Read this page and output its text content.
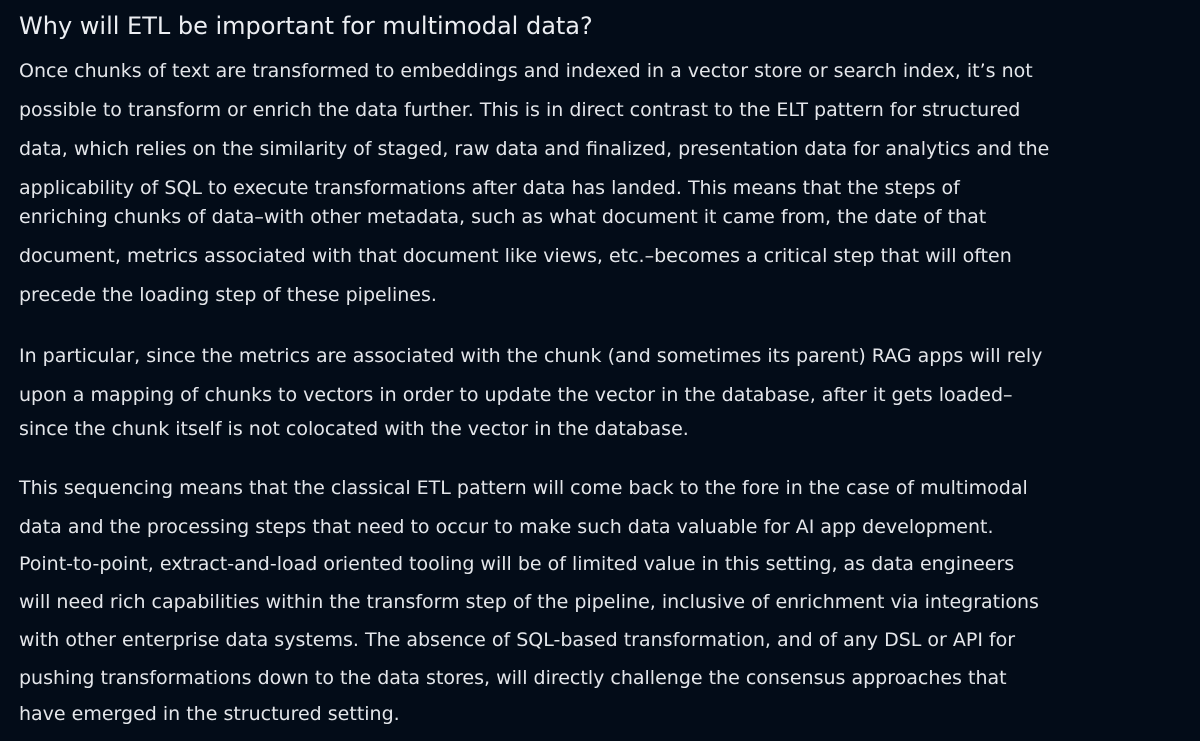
Why will ETL be important for multimodal data?

Once chunks of text are transformed to embeddings and indexed in a vector store or search index, it’s not

possible to transform or enrich the data further. This is in direct contrast to the ELT pattern for structured

data, which relies on the similarity of staged, raw data and finalized, presentation data for analytics and the

applicability of SQL to execute transformations after data has landed. This means that the steps of

enriching chunks of data–with other metadata, such as what document it came from, the date of that

document, metrics associated with that document like views, etc.–becomes a critical step that will often

precede the loading step of these pipelines.

In particular, since the metrics are associated with the chunk (and sometimes its parent) RAG apps will rely

upon a mapping of chunks to vectors in order to update the vector in the database, after it gets loaded–

since the chunk itself is not colocated with the vector in the database.

This sequencing means that the classical ETL pattern will come back to the fore in the case of multimodal

data and the processing steps that need to occur to make such data valuable for AI app development.

Point-to-point, extract-and-load oriented tooling will be of limited value in this setting, as data engineers

will need rich capabilities within the transform step of the pipeline, inclusive of enrichment via integrations

with other enterprise data systems. The absence of SQL-based transformation, and of any DSL or API for

pushing transformations down to the data stores, will directly challenge the consensus approaches that

have emerged in the structured setting.
